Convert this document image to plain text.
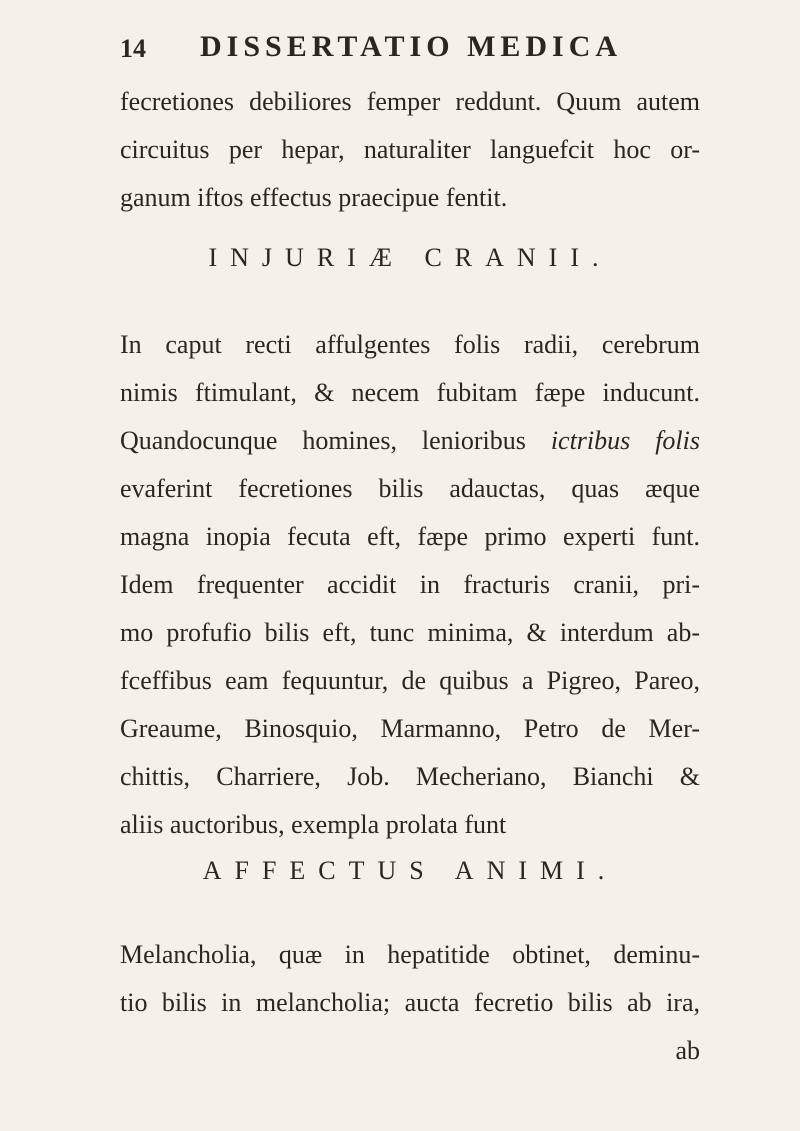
14 DISSERTATIO MEDICA
fecretiones debiliores femper reddunt. Quum autem
circuitus per hepar, naturaliter languefcit hoc or-
ganum iftos effectus praecipue fentit.
INJURIÆ CRANII.
In caput recti affulgentes folis radii, cerebrum
nimis ftimulant, & necem fubitam fæpe inducunt.
Quandocunque homines, lenioribus ictribus folis
evaferint fecretiones bilis adauctas, quas æque
magna inopia fecuta eft, fæpe primo experti funt.
Idem frequenter accidit in fracturis cranii, pri-
mo profufio bilis eft, tunc minima, & interdum ab-
fceffibus eam fequuntur, de quibus a Pigreo, Pareo,
Greaume, Binosquio, Marmanno, Petro de Mer-
chittis, Charriere, Job. Mecheriano, Bianchi &
aliis auctoribus, exempla prolata funt
AFFECTUS ANIMI.
Melancholia, quæ in hepatitide obtinet, deminu-
tio bilis in melancholia; aucta fecretio bilis ab ira,
ab
